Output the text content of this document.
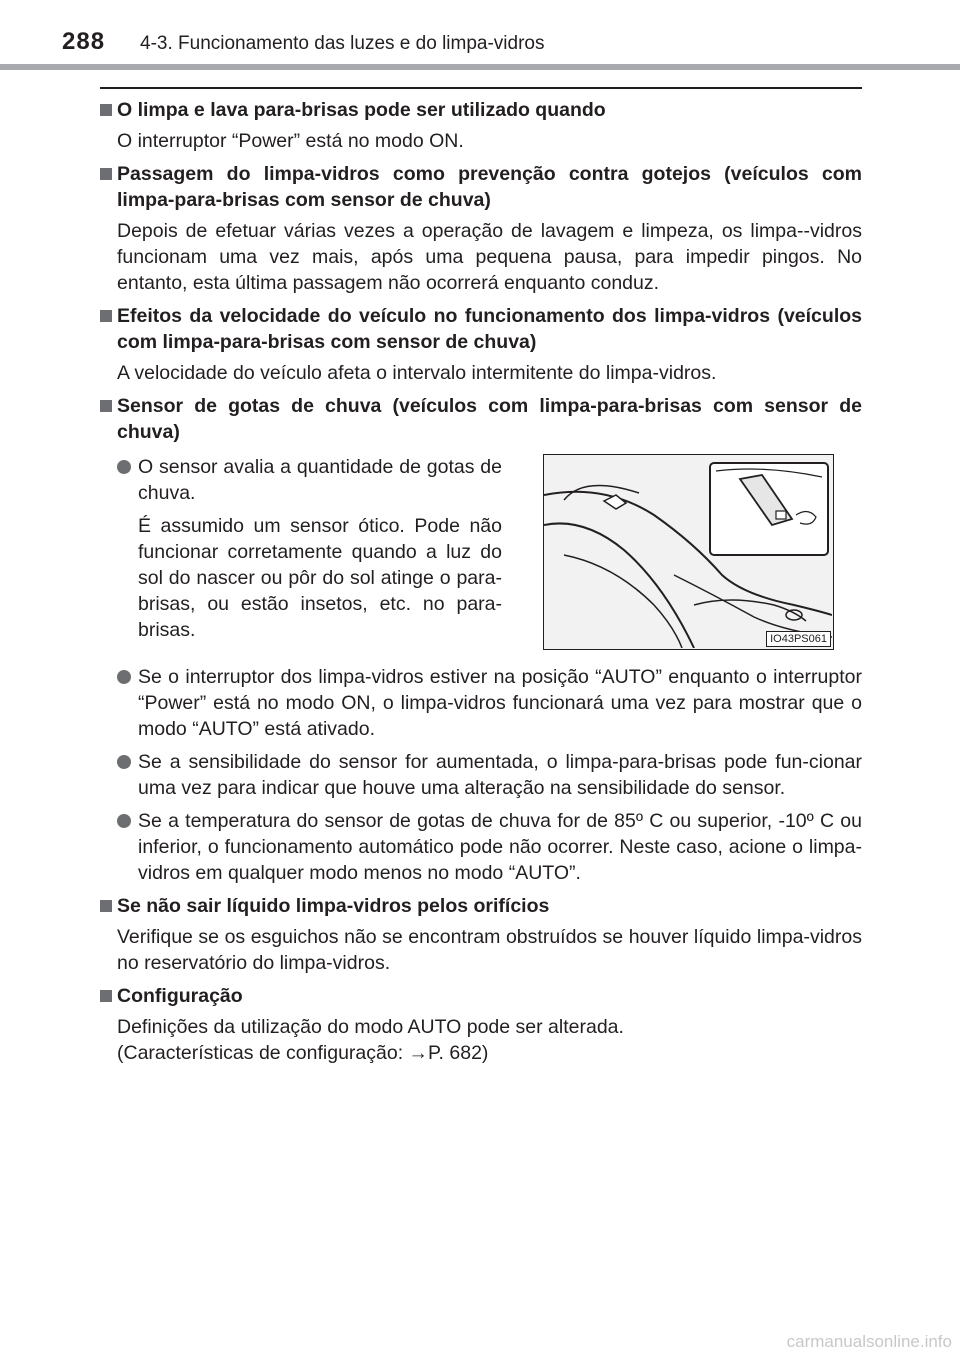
288 4-3. Funcionamento das luzes e do limpa-vidros
O limpa e lava para-brisas pode ser utilizado quando
O interruptor “Power” está no modo ON.
Passagem do limpa-vidros como prevenção contra gotejos (veículos com limpa-para-brisas com sensor de chuva)
Depois de efetuar várias vezes a operação de lavagem e limpeza, os limpa--vidros funcionam uma vez mais, após uma pequena pausa, para impedir pingos. No entanto, esta última passagem não ocorrerá enquanto conduz.
Efeitos da velocidade do veículo no funcionamento dos limpa-vidros (veículos com limpa-para-brisas com sensor de chuva)
A velocidade do veículo afeta o intervalo intermitente do limpa-vidros.
Sensor de gotas de chuva (veículos com limpa-para-brisas com sensor de chuva)
O sensor avalia a quantidade de gotas de chuva.
É assumido um sensor ótico. Pode não funcionar corretamente quando a luz do sol do nascer ou pôr do sol atinge o para-brisas, ou estão insetos, etc. no para-brisas.	IO43PS061
Se o interruptor dos limpa-vidros estiver na posição “AUTO” enquanto o interruptor “Power” está no modo ON, o limpa-vidros funcionará uma vez para mostrar que o modo “AUTO” está ativado.
Se a sensibilidade do sensor for aumentada, o limpa-para-brisas pode fun-cionar uma vez para indicar que houve uma alteração na sensibilidade do sensor.
Se a temperatura do sensor de gotas de chuva for de 85º C ou superior, -10º C ou inferior, o funcionamento automático pode não ocorrer. Neste caso, acione o limpa-vidros em qualquer modo menos no modo “AUTO”.
Se não sair líquido limpa-vidros pelos orifícios
Verifique se os esguichos não se encontram obstruídos se houver líquido limpa-vidros no reservatório do limpa-vidros.
Configuração
Definições da utilização do modo AUTO pode ser alterada.
(Características de configuração: →P. 682)
carmanualsonline.info
